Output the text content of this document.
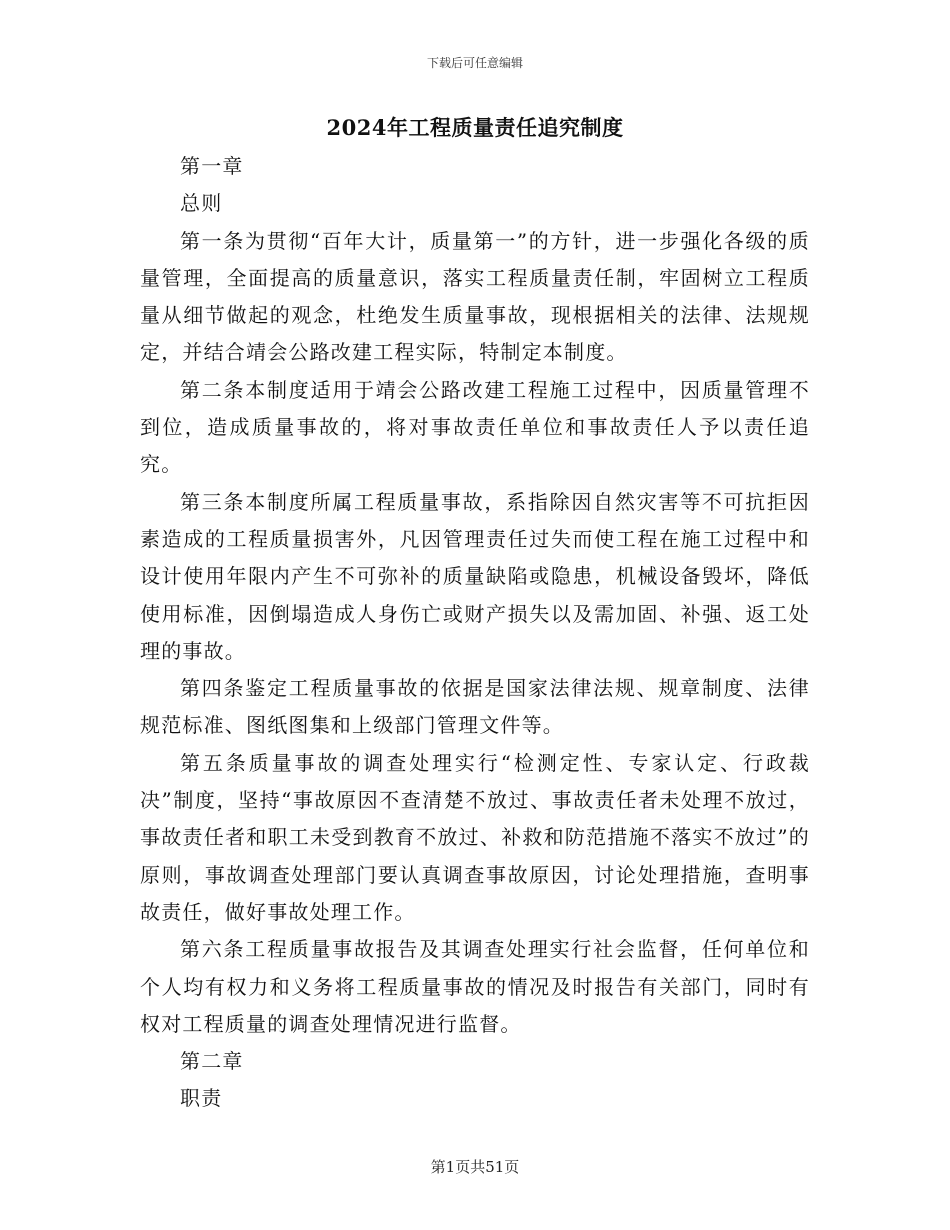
下载后可任意编辑
2024年工程质量责任追究制度

第一章

总则

第一条为贯彻“百年大计，质量第一”的方针，进一步强化各级的质量管理，全面提高的质量意识，落实工程质量责任制，牢固树立工程质量从细节做起的观念，杜绝发生质量事故，现根据相关的法律、法规规定，并结合靖会公路改建工程实际，特制定本制度。

第二条本制度适用于靖会公路改建工程施工过程中，因质量管理不到位，造成质量事故的，将对事故责任单位和事故责任人予以责任追究。

第三条本制度所属工程质量事故，系指除因自然灾害等不可抗拒因素造成的工程质量损害外，凡因管理责任过失而使工程在施工过程中和设计使用年限内产生不可弥补的质量缺陷或隐患，机械设备毁坏，降低使用标准，因倒塌造成人身伤亡或财产损失以及需加固、补强、返工处理的事故。

第四条鉴定工程质量事故的依据是国家法律法规、规章制度、法律规范标准、图纸图集和上级部门管理文件等。

第五条质量事故的调查处理实行“检测定性、专家认定、行政裁决”制度，坚持“事故原因不查清楚不放过、事故责任者未处理不放过，事故责任者和职工未受到教育不放过、补救和防范措施不落实不放过”的原则，事故调查处理部门要认真调查事故原因，讨论处理措施，查明事故责任，做好事故处理工作。

第六条工程质量事故报告及其调查处理实行社会监督，任何单位和个人均有权力和义务将工程质量事故的情况及时报告有关部门，同时有权对工程质量的调查处理情况进行监督。

第二章

职责

第1页共51页
